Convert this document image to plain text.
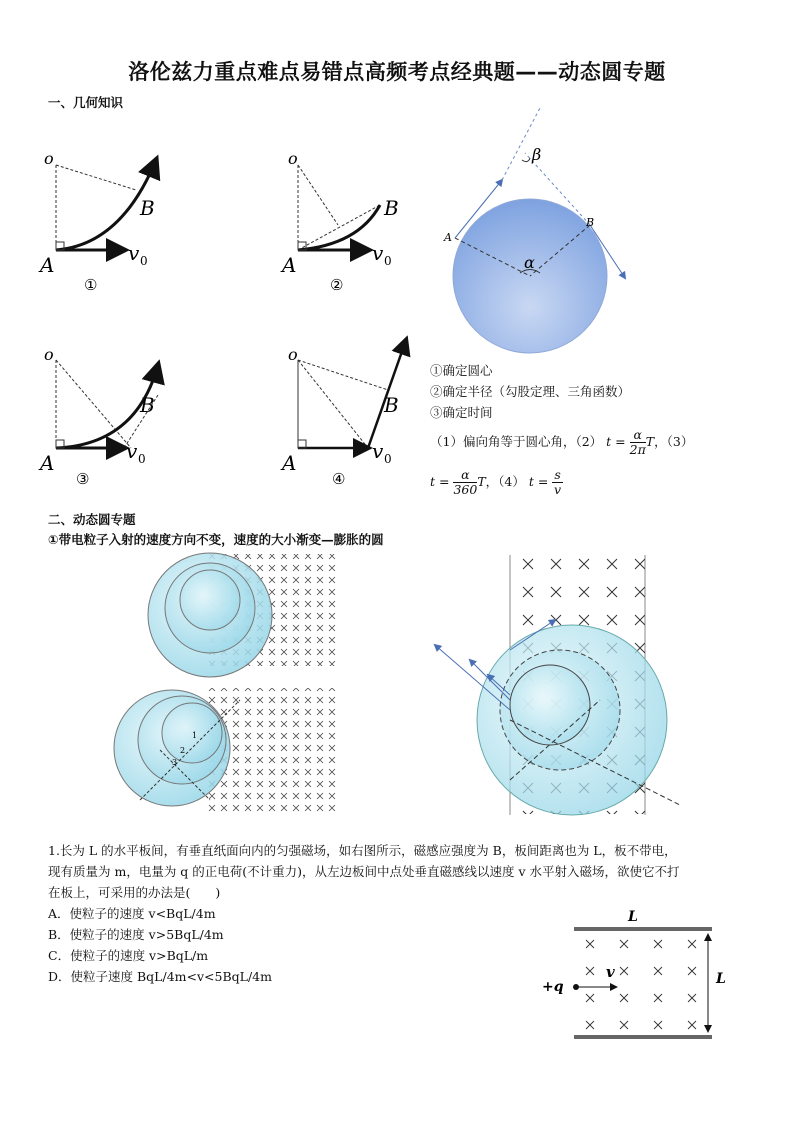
洛伦兹力重点难点易错点高频考点经典题——动态圆专题
一、几何知识
o
A
B
v 0
①
o
A
B
v 0
②
o
A
B
v 0
③
o
A
B
v 0
④
A
B
α
β
①确定圆心
②确定半径（勾股定理、三角函数）
③确定时间
（1）偏向角等于圆心角，（2） $t = \frac{\alpha}{2\pi}$ T，（3）
$t = \frac{\alpha}{360}$ T，（4） $t = \frac{s}{v}$
二、动态圆专题
①带电粒子入射的速度方向不变，速度的大小渐变—膨胀的圆
1
2
3
1.长为 L 的水平板间，有垂直纸面向内的匀强磁场，如右图所示，磁感应强度为 B，板间距离也为 L，板不带电，
现有质量为 m，电量为 q 的正电荷(不计重力)，从左边板间中点处垂直磁感线以速度 v 水平射入磁场，欲使它不打
在板上，可采用的办法是(　　)
A．使粒子的速度 v<BqL/4m
B．使粒子的速度 v>5BqL/4m
C．使粒子的速度 v>BqL/m
D．使粒子速度 BqL/4m<v<5BqL/4m
L
L
+q
v
